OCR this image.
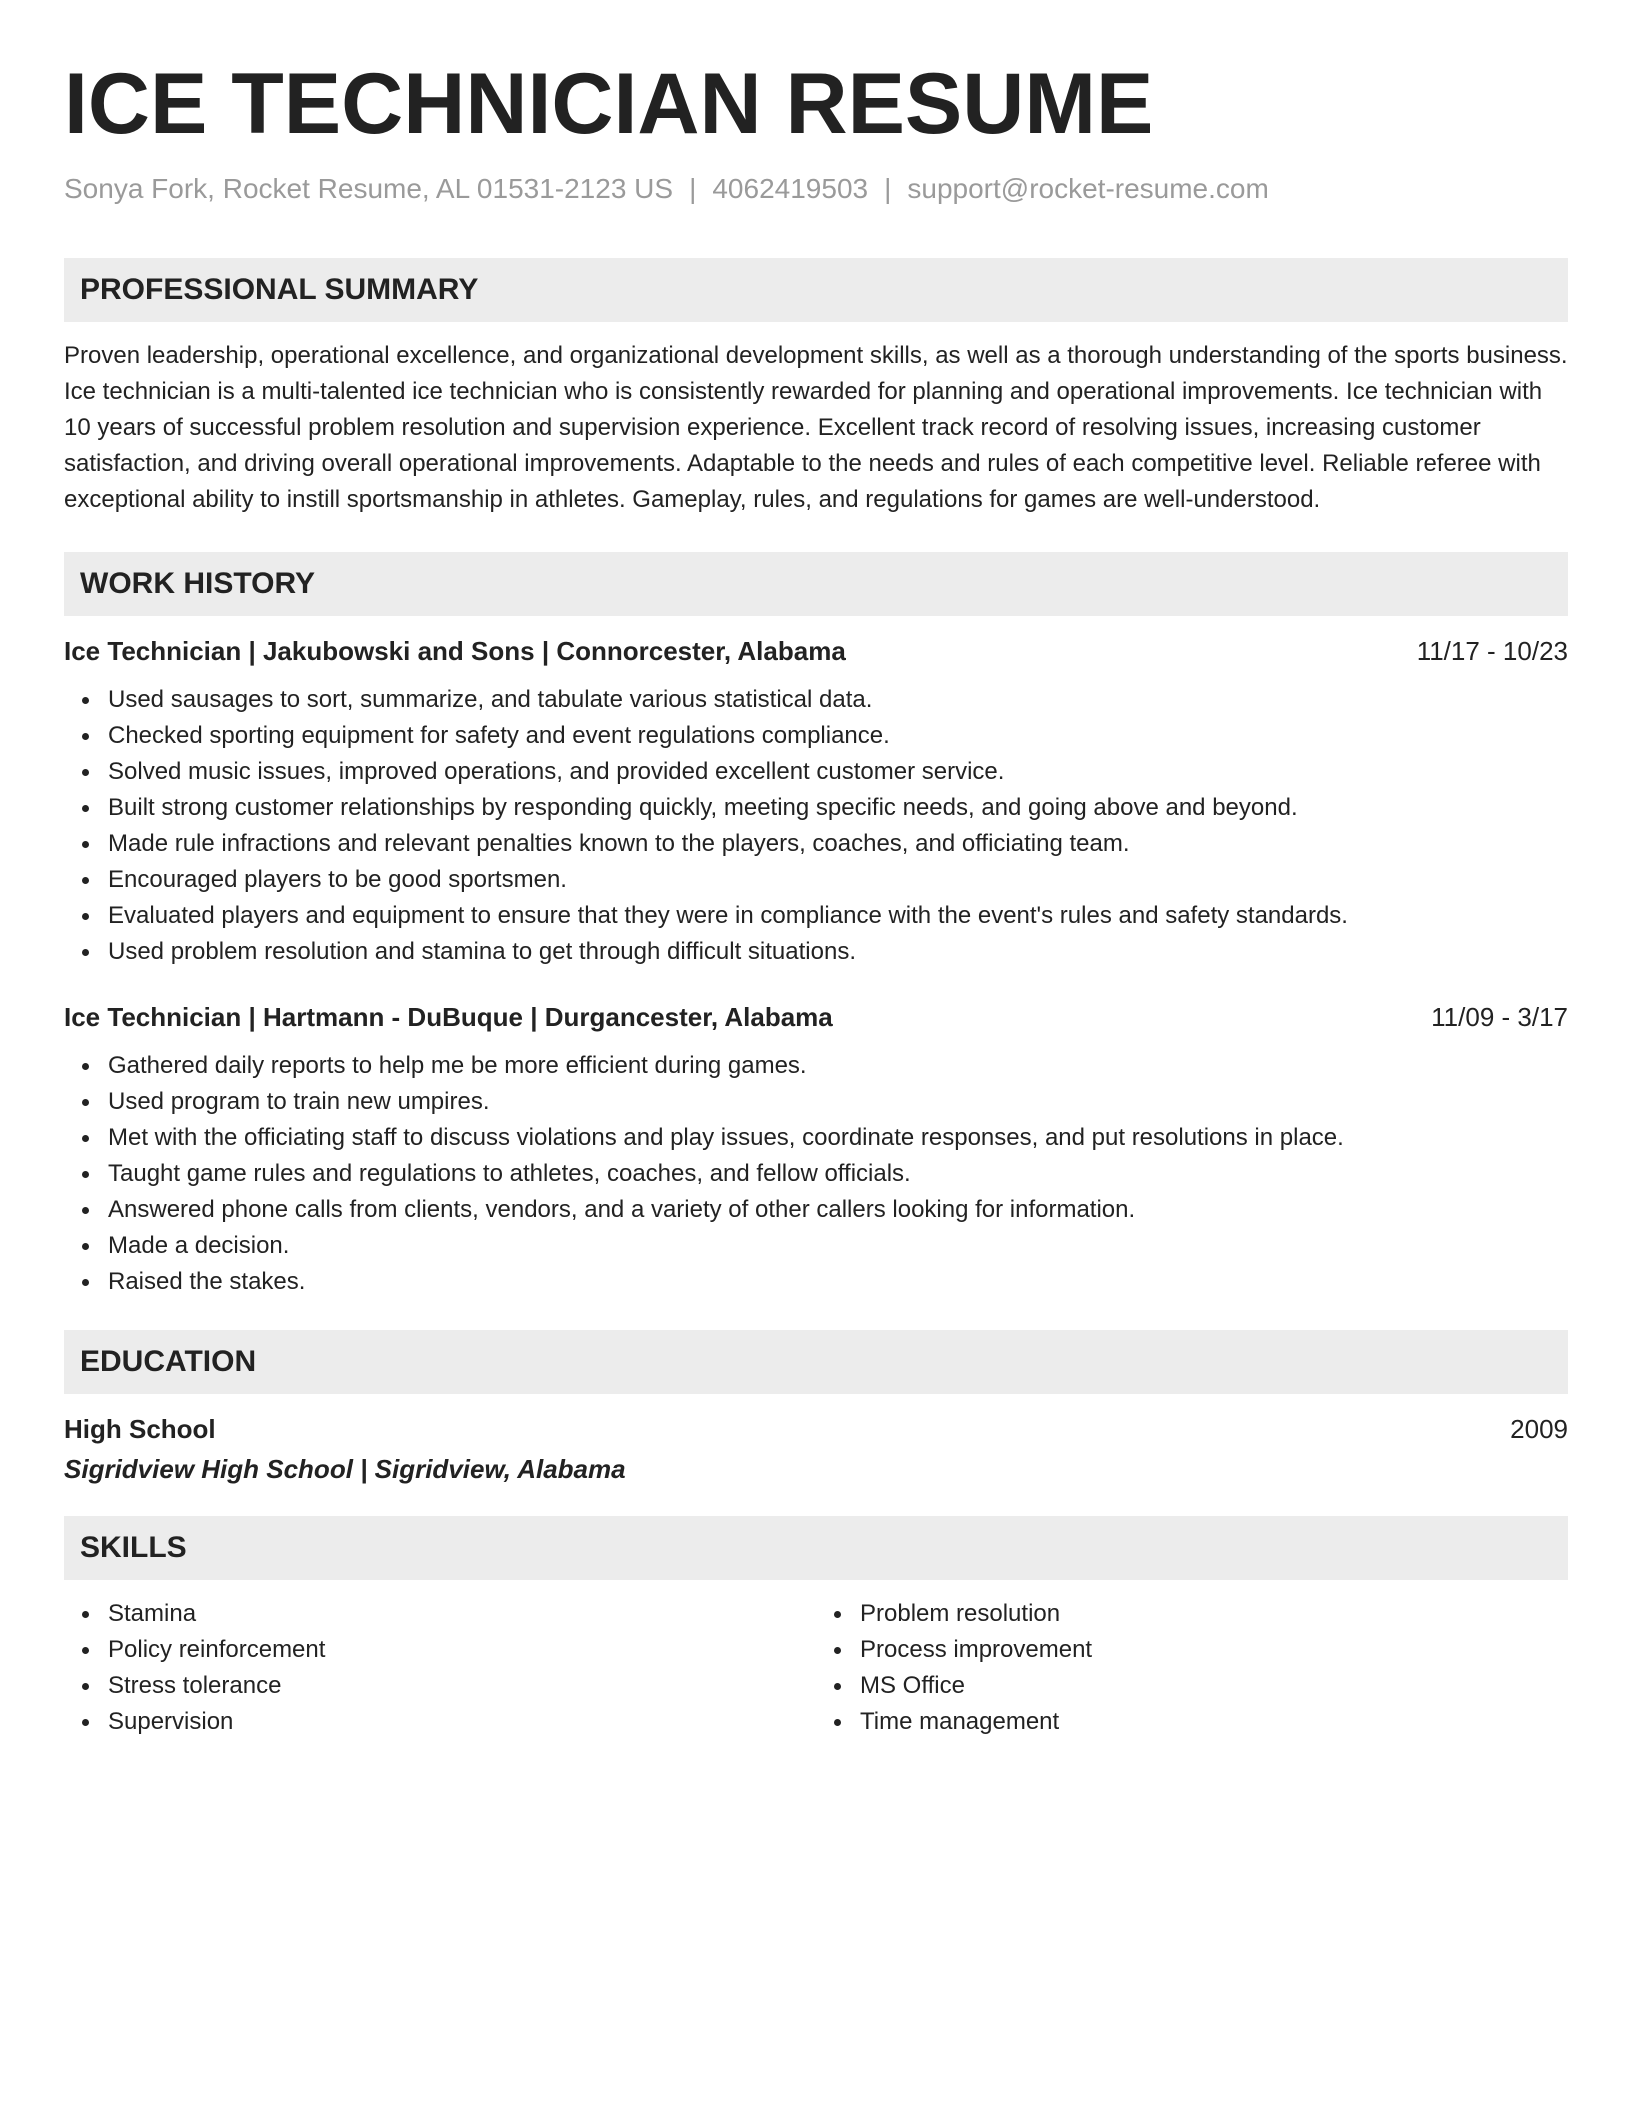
ICE TECHNICIAN RESUME
Sonya Fork, Rocket Resume, AL 01531-2123 US | 4062419503 | support@rocket-resume.com
PROFESSIONAL SUMMARY
Proven leadership, operational excellence, and organizational development skills, as well as a thorough understanding of the sports business. Ice technician is a multi-talented ice technician who is consistently rewarded for planning and operational improvements. Ice technician with 10 years of successful problem resolution and supervision experience. Excellent track record of resolving issues, increasing customer satisfaction, and driving overall operational improvements. Adaptable to the needs and rules of each competitive level. Reliable referee with exceptional ability to instill sportsmanship in athletes. Gameplay, rules, and regulations for games are well-understood.
WORK HISTORY
Ice Technician | Jakubowski and Sons | Connorcester, Alabama	11/17 - 10/23
Used sausages to sort, summarize, and tabulate various statistical data.
Checked sporting equipment for safety and event regulations compliance.
Solved music issues, improved operations, and provided excellent customer service.
Built strong customer relationships by responding quickly, meeting specific needs, and going above and beyond.
Made rule infractions and relevant penalties known to the players, coaches, and officiating team.
Encouraged players to be good sportsmen.
Evaluated players and equipment to ensure that they were in compliance with the event's rules and safety standards.
Used problem resolution and stamina to get through difficult situations.
Ice Technician | Hartmann - DuBuque | Durgancester, Alabama	11/09 - 3/17
Gathered daily reports to help me be more efficient during games.
Used program to train new umpires.
Met with the officiating staff to discuss violations and play issues, coordinate responses, and put resolutions in place.
Taught game rules and regulations to athletes, coaches, and fellow officials.
Answered phone calls from clients, vendors, and a variety of other callers looking for information.
Made a decision.
Raised the stakes.
EDUCATION
High School	2009
Sigridview High School | Sigridview, Alabama
SKILLS
Stamina
Policy reinforcement
Stress tolerance
Supervision
Problem resolution
Process improvement
MS Office
Time management
